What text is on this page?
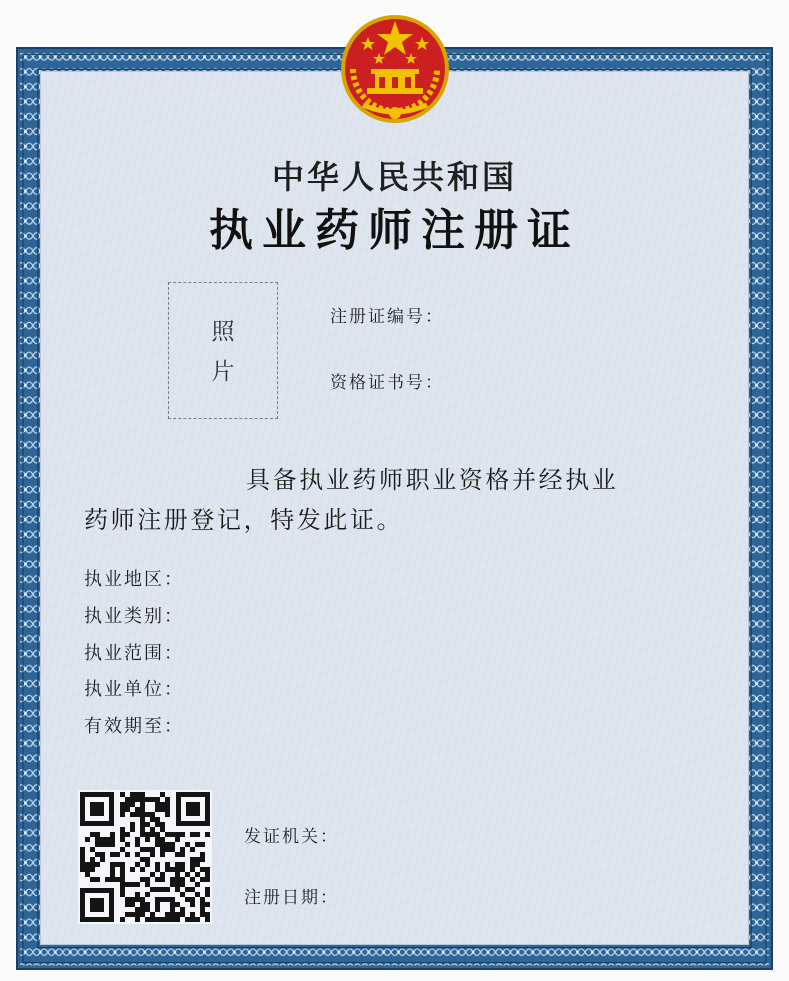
中华人民共和国
执业药师注册证
照
片
注册证编号：
资格证书号：
具备执业药师职业资格并经执业
药师注册登记，特发此证。
执业地区：
执业类别：
执业范围：
执业单位：
有效期至：
发证机关：
注册日期：
